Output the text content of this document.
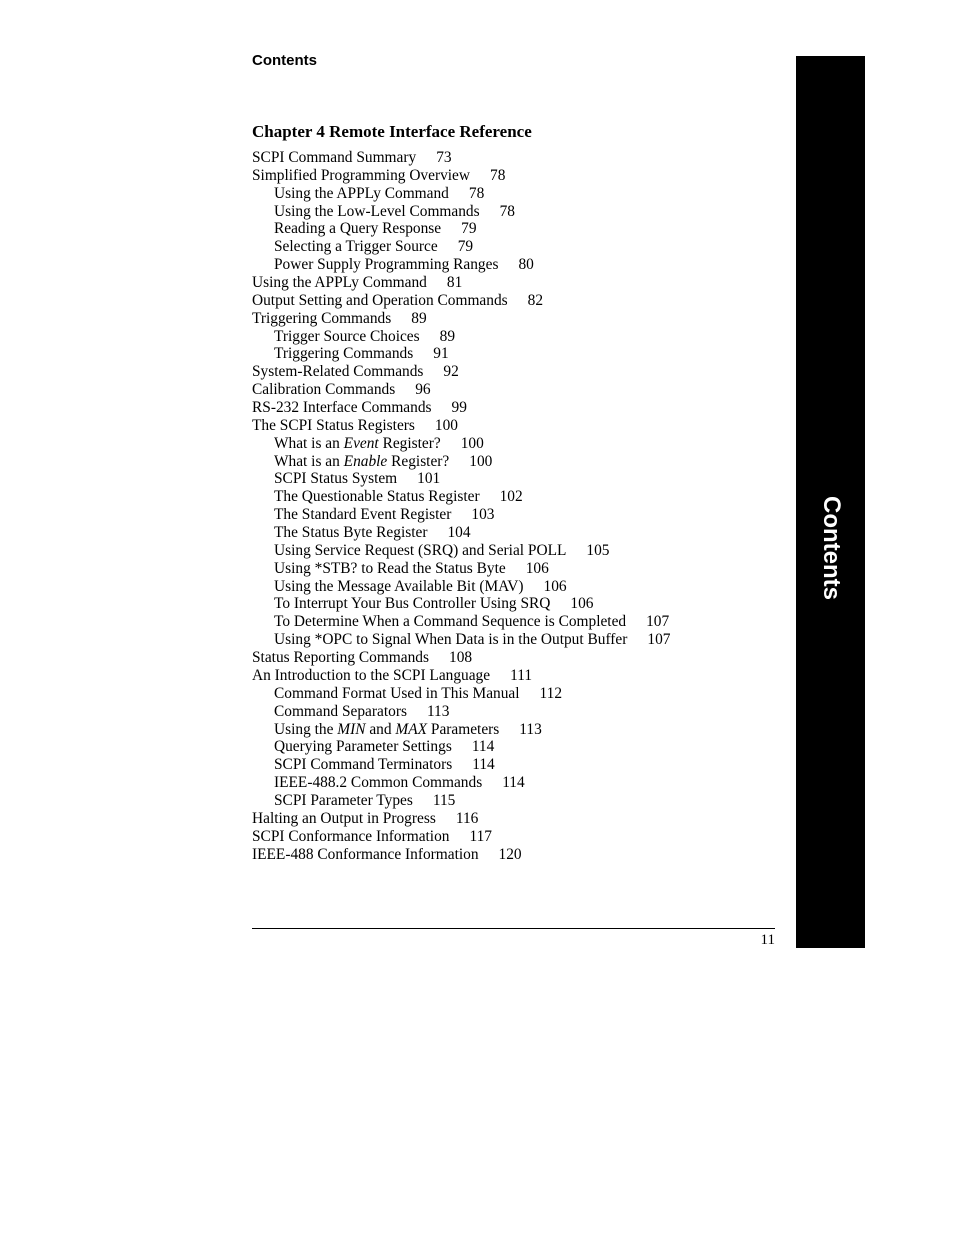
Contents
Chapter 4 Remote Interface Reference
SCPI Command Summary 73
Simplified Programming Overview 78
Using the APPLy Command 78
Using the Low-Level Commands 78
Reading a Query Response 79
Selecting a Trigger Source 79
Power Supply Programming Ranges 80
Using the APPLy Command 81
Output Setting and Operation Commands 82
Triggering Commands 89
Trigger Source Choices 89
Triggering Commands 91
System-Related Commands 92
Calibration Commands 96
RS-232 Interface Commands 99
The SCPI Status Registers 100
What is an Event Register? 100
What is an Enable Register? 100
SCPI Status System 101
The Questionable Status Register 102
The Standard Event Register 103
The Status Byte Register 104
Using Service Request (SRQ) and Serial POLL 105
Using *STB? to Read the Status Byte 106
Using the Message Available Bit (MAV) 106
To Interrupt Your Bus Controller Using SRQ 106
To Determine When a Command Sequence is Completed 107
Using *OPC to Signal When Data is in the Output Buffer 107
Status Reporting Commands 108
An Introduction to the SCPI Language 111
Command Format Used in This Manual 112
Command Separators 113
Using the MIN and MAX Parameters 113
Querying Parameter Settings 114
SCPI Command Terminators 114
IEEE-488.2 Common Commands 114
SCPI Parameter Types 115
Halting an Output in Progress 116
SCPI Conformance Information 117
IEEE-488 Conformance Information 120
11
Contents
